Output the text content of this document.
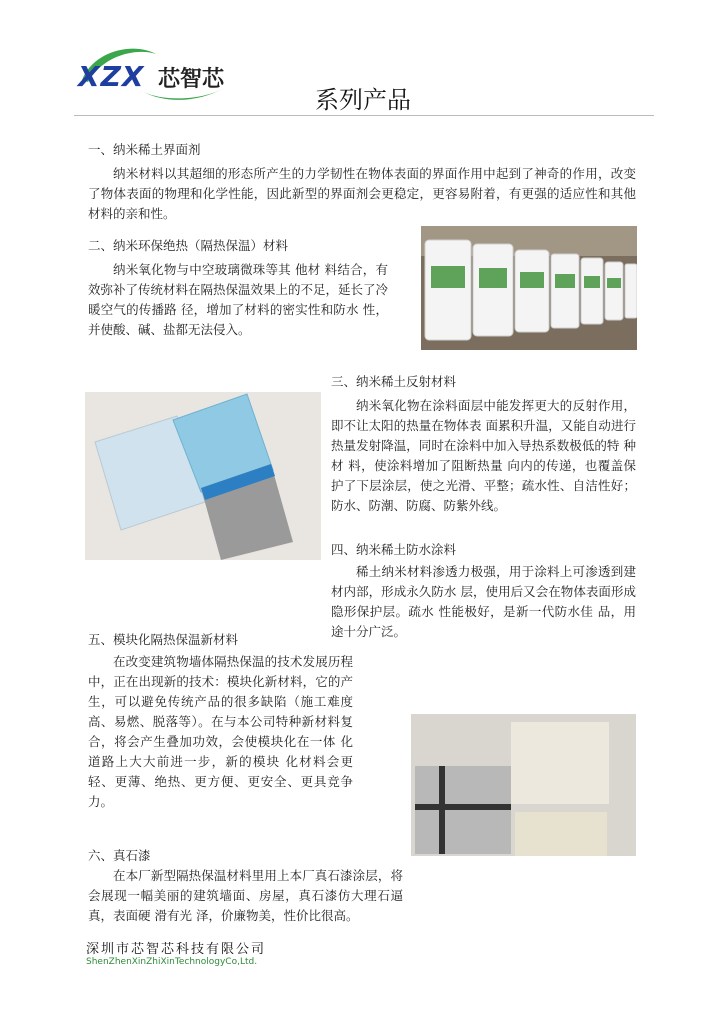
XZX 芯智芯
系列产品
一、纳米稀土界面剂
纳米材料以其超细的形态所产生的力学韧性在物体表面的界面作用中起到了神奇的作用，改变了物体表面的物理和化学性能，因此新型的界面剂会更稳定，更容易附着，有更强的适应性和其他材料的亲和性。
二、纳米环保绝热（隔热保温）材料
纳米氧化物与中空玻璃微珠等其 他材 料结合，有效弥补了传统材料在隔热保温效果上的不足，延长了冷暖空气的传播路 径，增加了材料的密实性和防水 性，并使酸、碱、盐都无法侵入。
三、纳米稀土反射材料
纳米氧化物在涂料面层中能发挥更大的反射作用，即不让太阳的热量在物体表 面累积升温，又能自动进行热量发射降温，同时在涂料中加入导热系数极低的特 种材 料，使涂料增加了阻断热量 向内的传递，也覆盖保护了下层涂层，使之光滑、平整；疏水性、自洁性好；防水、防潮、防腐、防紫外线。
四、纳米稀土防水涂料
稀土纳米材料渗透力极强，用于涂料上可渗透到建材内部，形成永久防水 层，使用后又会在物体表面形成隐形保护层。疏水 性能极好，是新一代防水佳 品，用途十分广泛。
五、模块化隔热保温新材料
在改变建筑物墙体隔热保温的技术发展历程中，正在出现新的技术：模块化新材料，它的产生，可以避免传统产品的很多缺陷（施工难度高、易燃、脱落等）。在与本公司特种新材料复合，将会产生叠加功效，会使模块化在一体 化道路上大大前进一步，新的模块 化材料会更轻、更薄、绝热、更方便、更安全、更具竞争力。
六、真石漆
在本厂新型隔热保温材料里用上本厂真石漆涂层，将会展现一幅美丽的建筑墙面、房屋，真石漆仿大理石逼真，表面硬 滑有光 泽，价廉物美，性价比很高。
深圳市芯智芯科技有限公司
ShenZhenXinZhiXinTechnologyCo,Ltd.
